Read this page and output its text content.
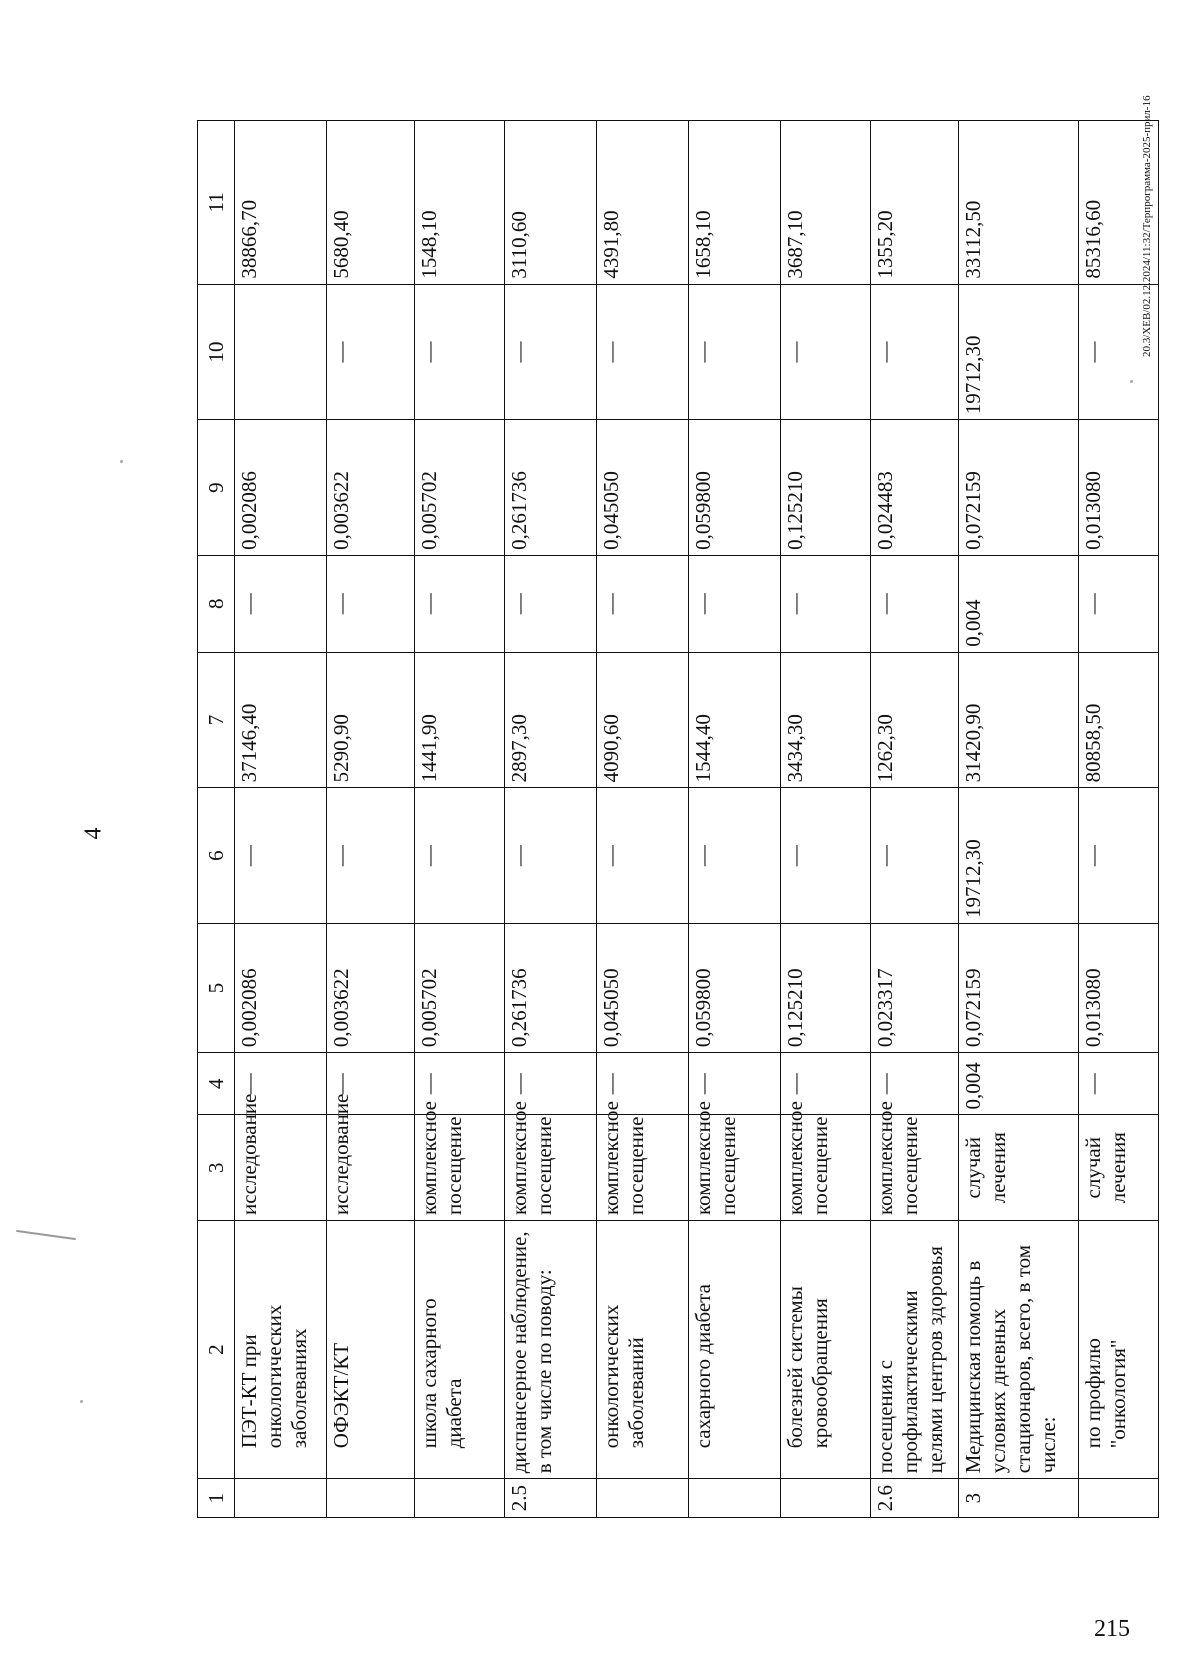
4
215
20.3/XEB/02.12.2024/11:32/Терпрограмма-2025-прил-16
1	2	3	4	5	6	7	8	9	10	11
	ПЭТ-КТ при онкологических заболеваниях	исследование	—	0,002086	—	37146,40	—	0,002086		38866,70
	ОФЭКТ/КТ	исследование	—	0,003622	—	5290,90	—	0,003622	—	5680,40
	школа сахарного диабета	комплексное посещение	—	0,005702	—	1441,90	—	0,005702	—	1548,10
2.5	диспансерное наблюдение, в том числе по поводу:	комплексное посещение	—	0,261736	—	2897,30	—	0,261736	—	3110,60
	онкологических заболеваний	комплексное посещение	—	0,045050	—	4090,60	—	0,045050	—	4391,80
	сахарного диабета	комплексное посещение	—	0,059800	—	1544,40	—	0,059800	—	1658,10
	болезней системы кровообращения	комплексное посещение	—	0,125210	—	3434,30	—	0,125210	—	3687,10
2.6	посещения с профилактическими целями центров здоровья	комплексное посещение	—	0,023317	—	1262,30	—	0,024483	—	1355,20
3	Медицинская помощь в условиях дневных стационаров, всего, в том числе:	случай лечения	0,004	0,072159	19712,30	31420,90	0,004	0,072159	19712,30	33112,50
	по профилю "онкология"	случай лечения	—	0,013080	—	80858,50	—	0,013080	—	85316,60
